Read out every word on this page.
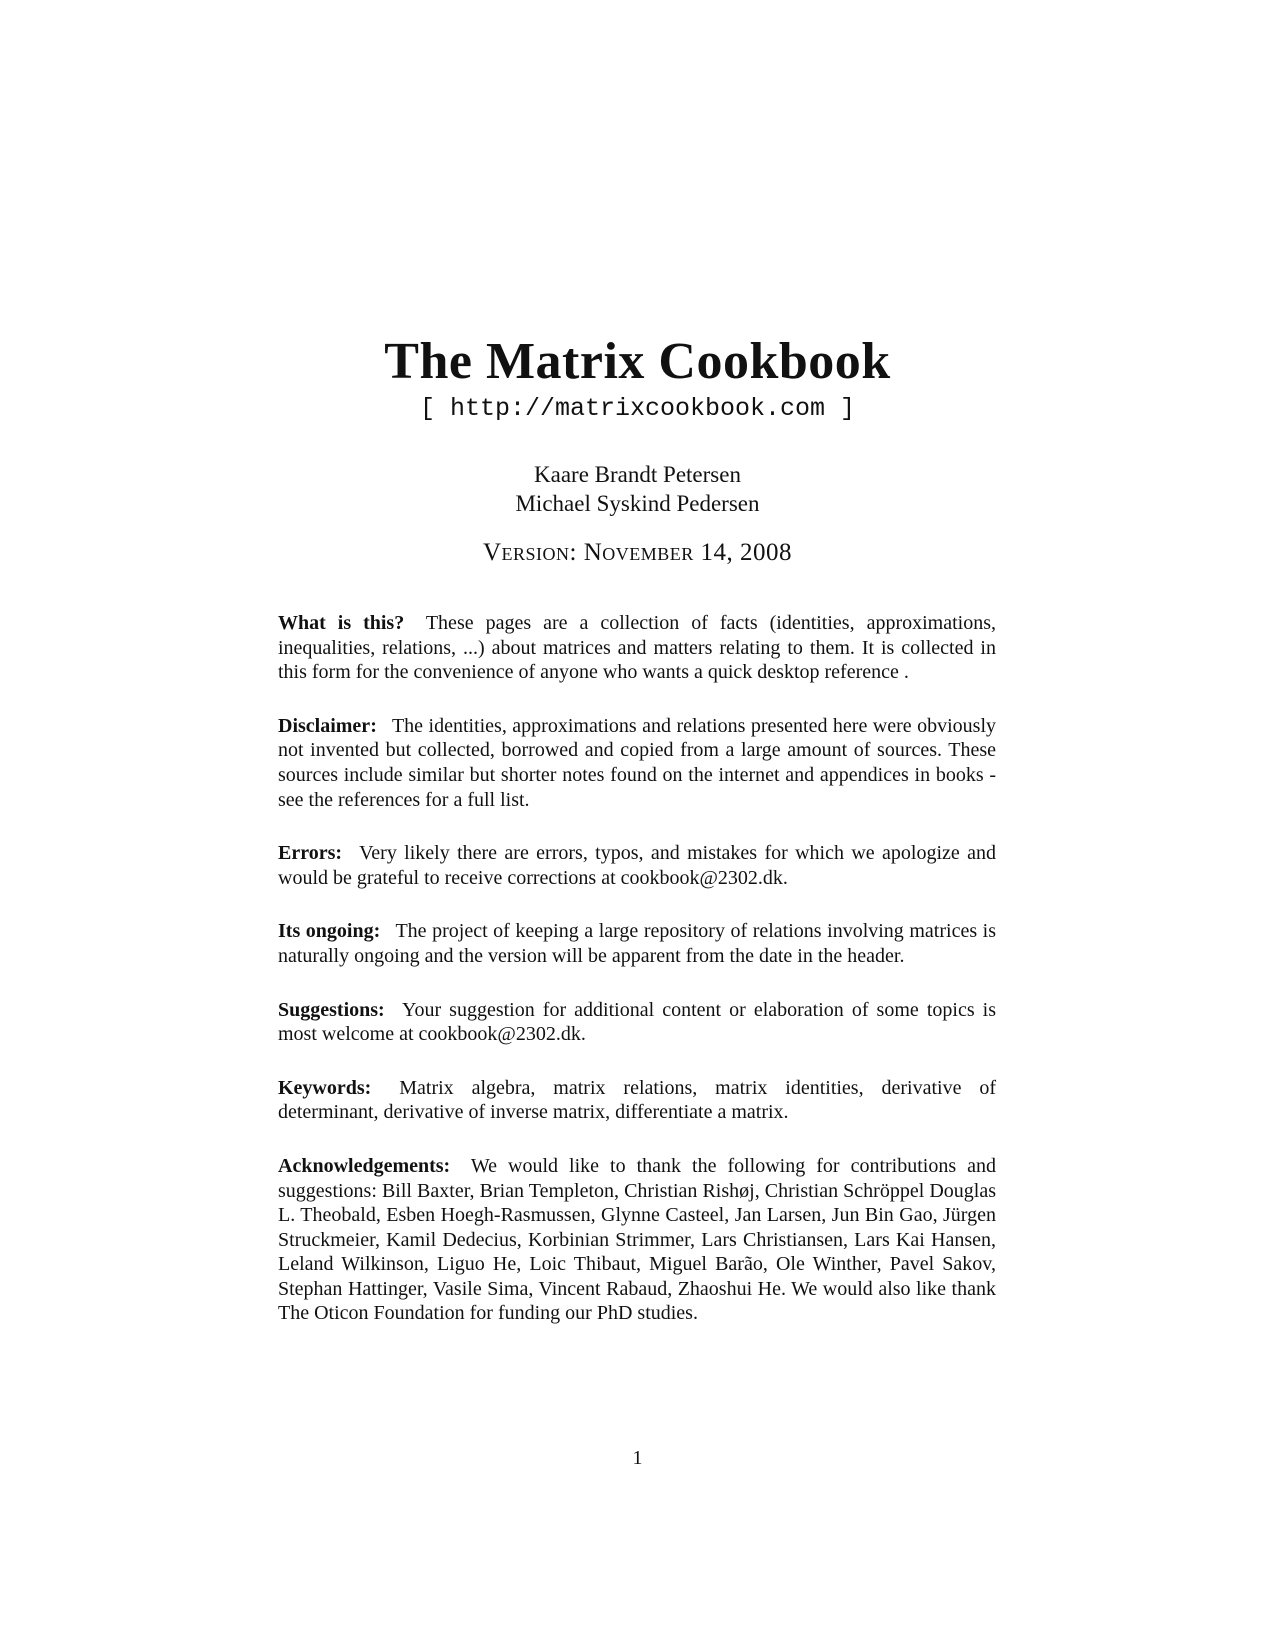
The Matrix Cookbook
[ http://matrixcookbook.com ]
Kaare Brandt Petersen
Michael Syskind Pedersen
Version: November 14, 2008

What is this? These pages are a collection of facts (identities, approximations, inequalities, relations, ...) about matrices and matters relating to them. It is collected in this form for the convenience of anyone who wants a quick desktop reference .

Disclaimer: The identities, approximations and relations presented here were obviously not invented but collected, borrowed and copied from a large amount of sources. These sources include similar but shorter notes found on the internet and appendices in books - see the references for a full list.

Errors: Very likely there are errors, typos, and mistakes for which we apologize and would be grateful to receive corrections at cookbook@2302.dk.

Its ongoing: The project of keeping a large repository of relations involving matrices is naturally ongoing and the version will be apparent from the date in the header.

Suggestions: Your suggestion for additional content or elaboration of some topics is most welcome at cookbook@2302.dk.

Keywords: Matrix algebra, matrix relations, matrix identities, derivative of determinant, derivative of inverse matrix, differentiate a matrix.

Acknowledgements: We would like to thank the following for contributions and suggestions: Bill Baxter, Brian Templeton, Christian Rishøj, Christian Schröppel Douglas L. Theobald, Esben Hoegh-Rasmussen, Glynne Casteel, Jan Larsen, Jun Bin Gao, Jürgen Struckmeier, Kamil Dedecius, Korbinian Strimmer, Lars Christiansen, Lars Kai Hansen, Leland Wilkinson, Liguo He, Loic Thibaut, Miguel Barão, Ole Winther, Pavel Sakov, Stephan Hattinger, Vasile Sima, Vincent Rabaud, Zhaoshui He. We would also like thank The Oticon Foundation for funding our PhD studies.

1
